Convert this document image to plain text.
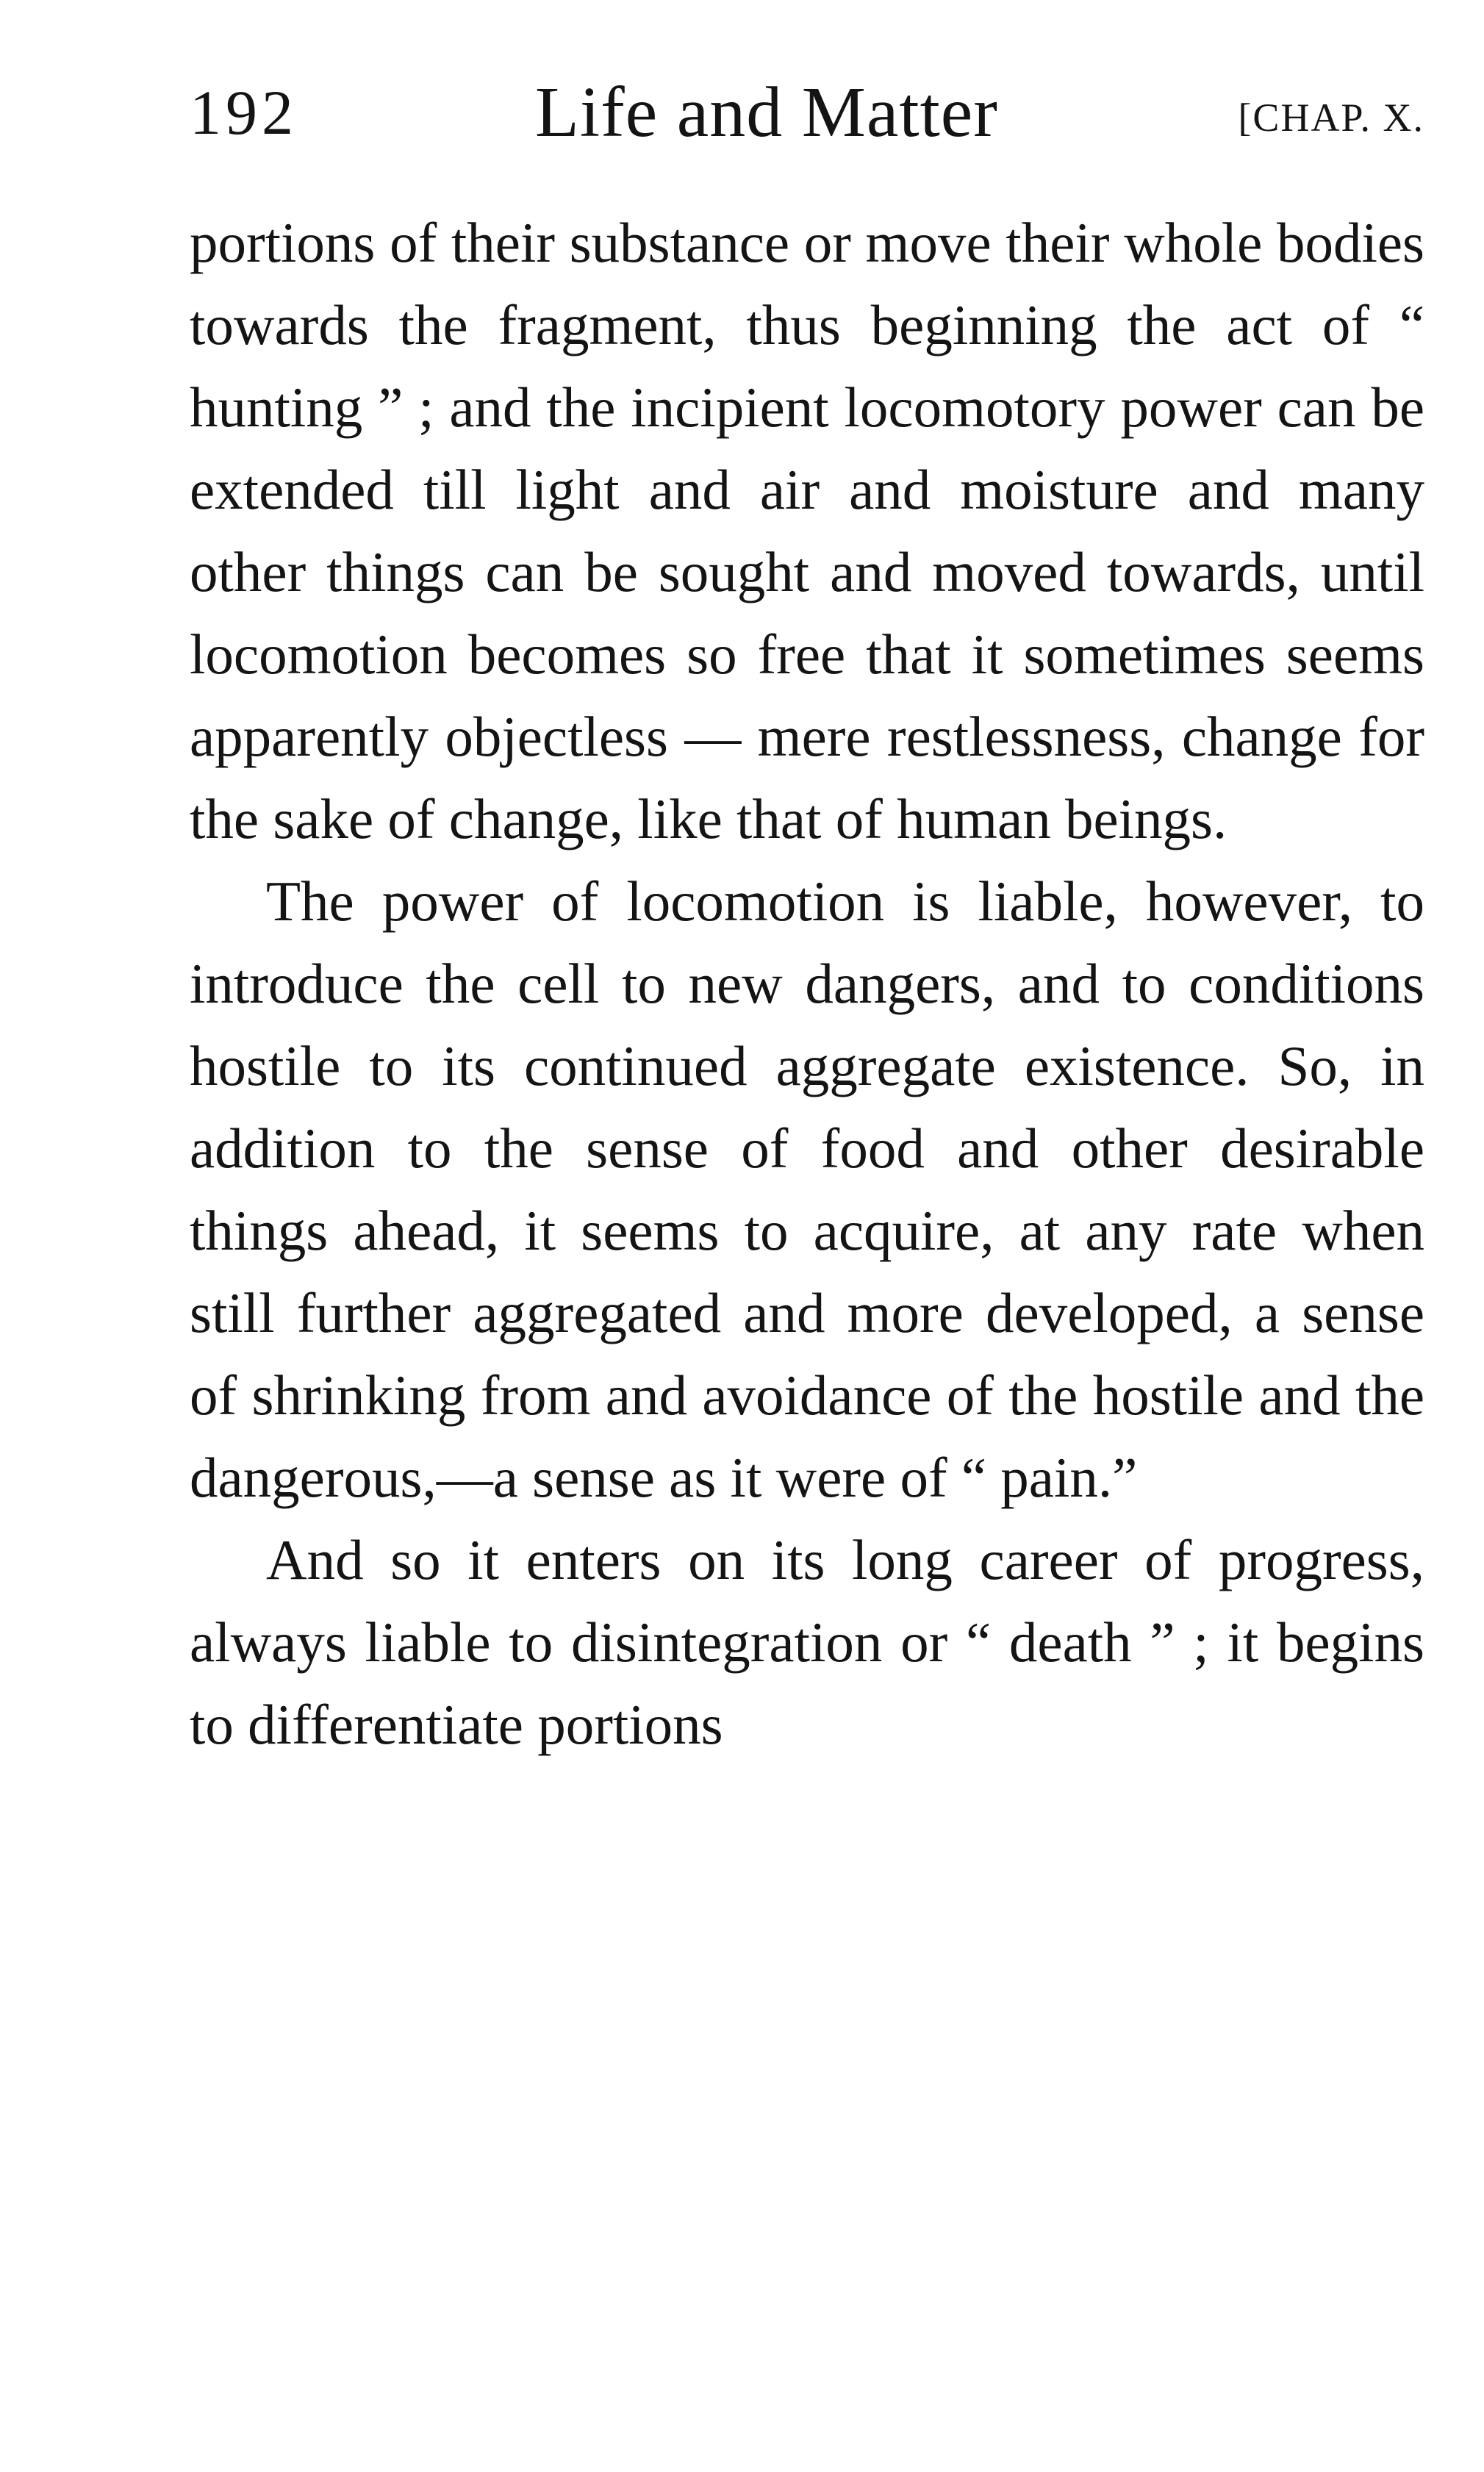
192	Life and Matter	[CHAP. X.

portions of their substance or move their whole bodies towards the fragment, thus beginning the act of “ hunting ” ; and the incipient locomotory power can be extended till light and air and moisture and many other things can be sought and moved towards, until locomotion becomes so free that it sometimes seems apparently objectless — mere restlessness, change for the sake of change, like that of human beings.

The power of locomotion is liable, however, to introduce the cell to new dangers, and to conditions hostile to its continued aggregate existence. So, in addition to the sense of food and other desirable things ahead, it seems to acquire, at any rate when still further aggregated and more developed, a sense of shrinking from and avoidance of the hostile and the dangerous,—a sense as it were of “ pain.”

And so it enters on its long career of progress, always liable to disintegration or “ death ” ; it begins to differentiate portions
